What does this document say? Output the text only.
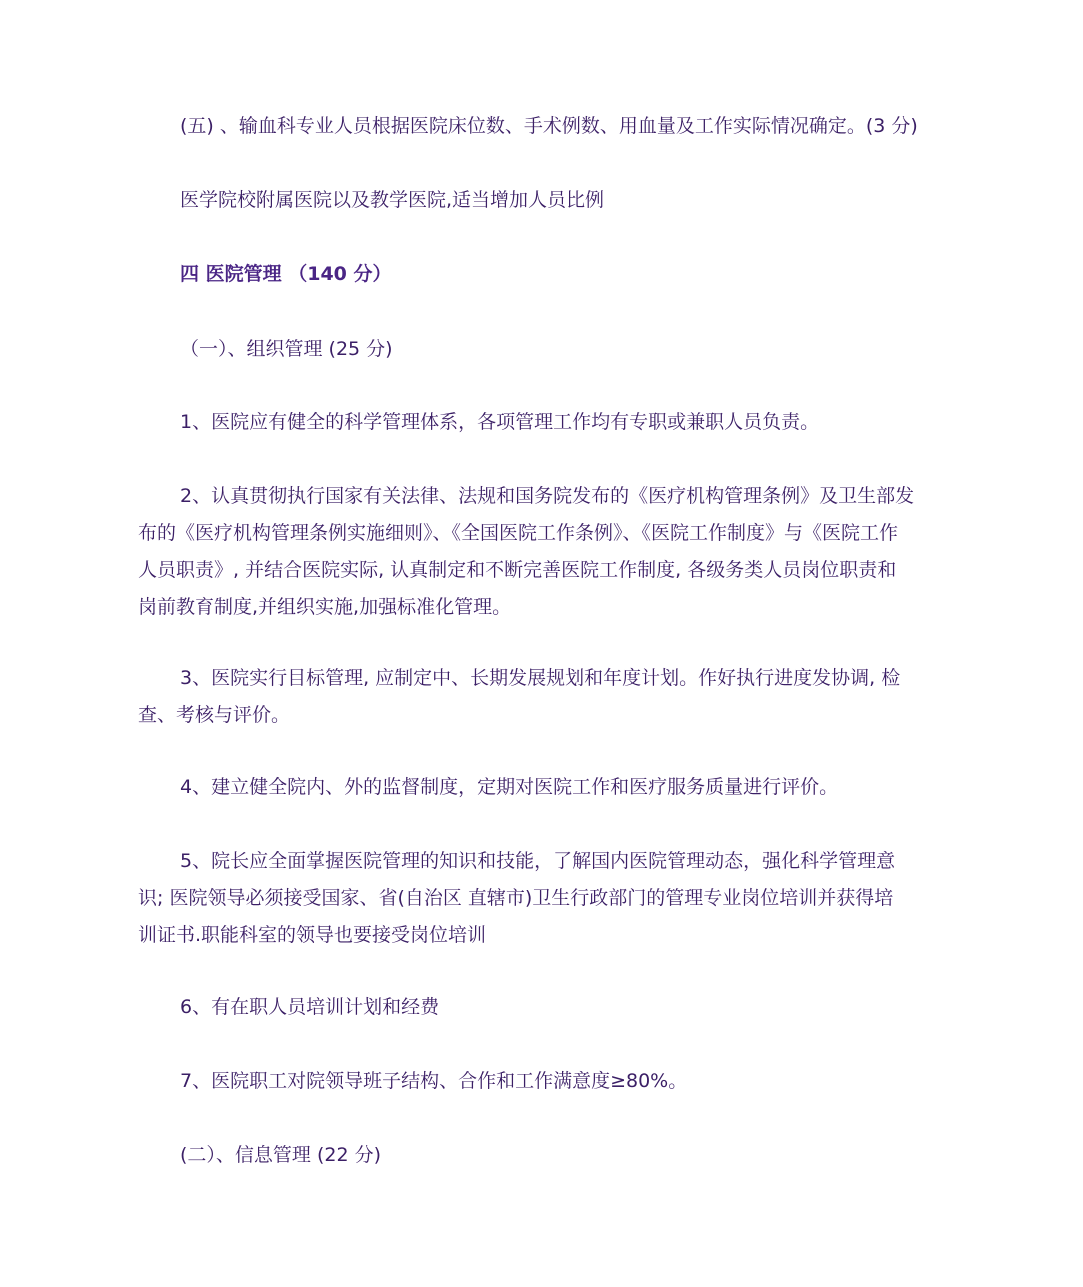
(五) 、输血科专业人员根据医院床位数、手术例数、用血量及工作实际情况确定。(3 分)

医学院校附属医院以及教学医院,适当增加人员比例

四 医院管理 （140 分）

（一）、组织管理 (25 分)

1、医院应有健全的科学管理体系，各项管理工作均有专职或兼职人员负责。

2、认真贯彻执行国家有关法律、法规和国务院发布的《医疗机构管理条例》及卫生部发
布的《医疗机构管理条例实施细则》、《全国医院工作条例》、《医院工作制度》与《医院工作
人员职责》, 并结合医院实际, 认真制定和不断完善医院工作制度, 各级务类人员岗位职责和
岗前教育制度,并组织实施,加强标准化管理。

3、医院实行目标管理, 应制定中、长期发展规划和年度计划。作好执行进度发协调, 检
查、考核与评价。

4、建立健全院内、外的监督制度，定期对医院工作和医疗服务质量进行评价。

5、院长应全面掌握医院管理的知识和技能，了解国内医院管理动态，强化科学管理意
识; 医院领导必须接受国家、省(自治区 直辖市)卫生行政部门的管理专业岗位培训并获得培
训证书.职能科室的领导也要接受岗位培训

6、有在职人员培训计划和经费

7、医院职工对院领导班子结构、合作和工作满意度≥80%。

(二）、信息管理 (22 分)
